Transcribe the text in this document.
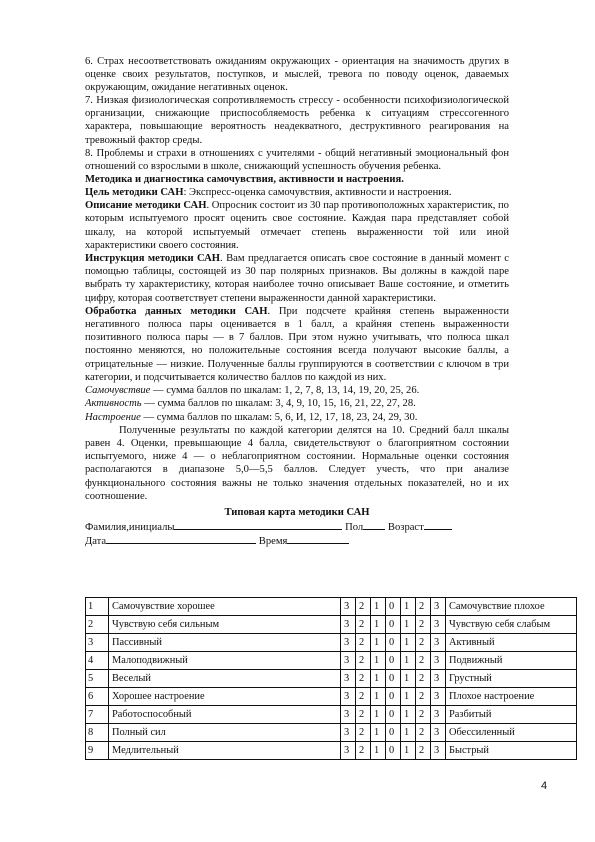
6. Страх несоответствовать ожиданиям окружающих - ориентация на значимость других в оценке своих результатов, поступков, и мыслей, тревога по поводу оценок, даваемых окружающим, ожидание негативных оценок.

7. Низкая физиологическая сопротивляемость стрессу - особенности психофизиологической организации, снижающие приспособляемость ребенка к ситуациям стрессогенного характера, повышающие вероятность неадекватного, деструктивного реагирования на тревожный фактор среды.

8. Проблемы и страхи в отношениях с учителями - общий негативный эмоциональный фон отношений со взрослыми в школе, снижающий успешность обучения ребенка.

Методика и диагностика самочувствия, активности и настроения.

Цель методики САН: Экспресс-оценка самочувствия, активности и настроения.

Описание методики САН. Опросник состоит из 30 пар противоположных характеристик, по которым испытуемого просят оценить свое состояние. Каждая пара представляет собой шкалу, на которой испытуемый отмечает степень выраженности той или иной характеристики своего состояния.

Инструкция методики САН. Вам предлагается описать свое состояние в данный момент с помощью таблицы, состоящей из 30 пар полярных признаков. Вы должны в каждой паре выбрать ту характеристику, которая наиболее точно описывает Ваше состояние, и отметить цифру, которая соответствует степени выраженности данной характеристики.

Обработка данных методики САН. При подсчете крайняя степень выраженности негативного полюса пары оценивается в 1 балл, а крайняя степень выраженности позитивного полюса пары — в 7 баллов. При этом нужно учитывать, что полюса шкал постоянно меняются, но положительные состояния всегда получают высокие баллы, а отрицательные — низкие. Полученные баллы группируются в соответствии с ключом в три категории, и подсчитывается количество баллов по каждой из них.

Самочувствие — сумма баллов по шкалам: 1, 2, 7, 8, 13, 14, 19, 20, 25, 26.

Активность — сумма баллов по шкалам: 3, 4, 9, 10, 15, 16, 21, 22, 27, 28.

Настроение — сумма баллов по шкалам: 5, 6, И, 12, 17, 18, 23, 24, 29, 30.

Полученные результаты по каждой категории делятся на 10. Средний балл шкалы равен 4. Оценки, превышающие 4 балла, свидетельствуют о благоприятном состоянии испытуемого, ниже 4 — о неблагоприятном состоянии. Нормальные оценки состояния располагаются в диапазоне 5,0—5,5 баллов. Следует учесть, что при анализе функционального состояния важны не только значения отдельных показателей, но и их соотношение.

Типовая карта методики САН

Фамилия,инициалы	Пол Возраст

Дата	Время

1	Самочувствие хорошее	3	2	1	0	1	2	3	Самочувствие плохое
2	Чувствую себя сильным	3	2	1	0	1	2	3	Чувствую себя слабым
3	Пассивный	3	2	1	0	1	2	3	Активный
4	Малоподвижный	3	2	1	0	1	2	3	Подвижный
5	Веселый	3	2	1	0	1	2	3	Грустный
6	Хорошее настроение	3	2	1	0	1	2	3	Плохое настроение
7	Работоспособный	3	2	1	0	1	2	3	Разбитый
8	Полный сил	3	2	1	0	1	2	3	Обессиленный
9	Медлительный	3	2	1	0	1	2	3	Быстрый
4
